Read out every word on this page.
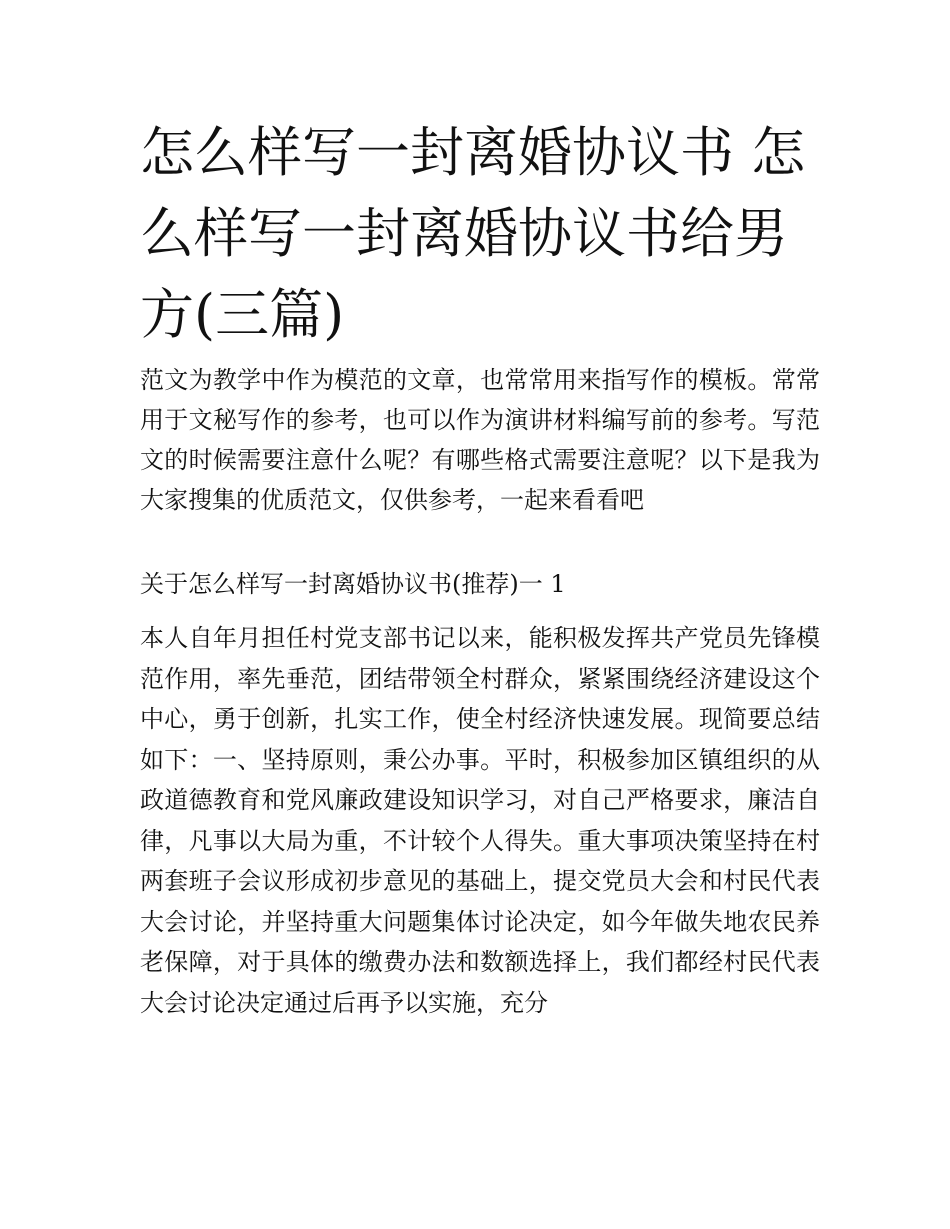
怎么样写一封离婚协议书 怎么样写一封离婚协议书给男方(三篇)

范文为教学中作为模范的文章，也常常用来指写作的模板。常常用于文秘写作的参考，也可以作为演讲材料编写前的参考。写范文的时候需要注意什么呢？有哪些格式需要注意呢？以下是我为大家搜集的优质范文，仅供参考，一起来看看吧

关于怎么样写一封离婚协议书(推荐)一 1

本人自年月担任村党支部书记以来，能积极发挥共产党员先锋模范作用，率先垂范，团结带领全村群众，紧紧围绕经济建设这个中心，勇于创新，扎实工作，使全村经济快速发展。现简要总结如下：一、坚持原则，秉公办事。平时，积极参加区镇组织的从政道德教育和党风廉政建设知识学习，对自己严格要求，廉洁自律，凡事以大局为重，不计较个人得失。重大事项决策坚持在村两套班子会议形成初步意见的基础上，提交党员大会和村民代表大会讨论，并坚持重大问题集体讨论决定，如今年做失地农民养老保障，对于具体的缴费办法和数额选择上，我们都经村民代表大会讨论决定通过后再予以实施，充分
